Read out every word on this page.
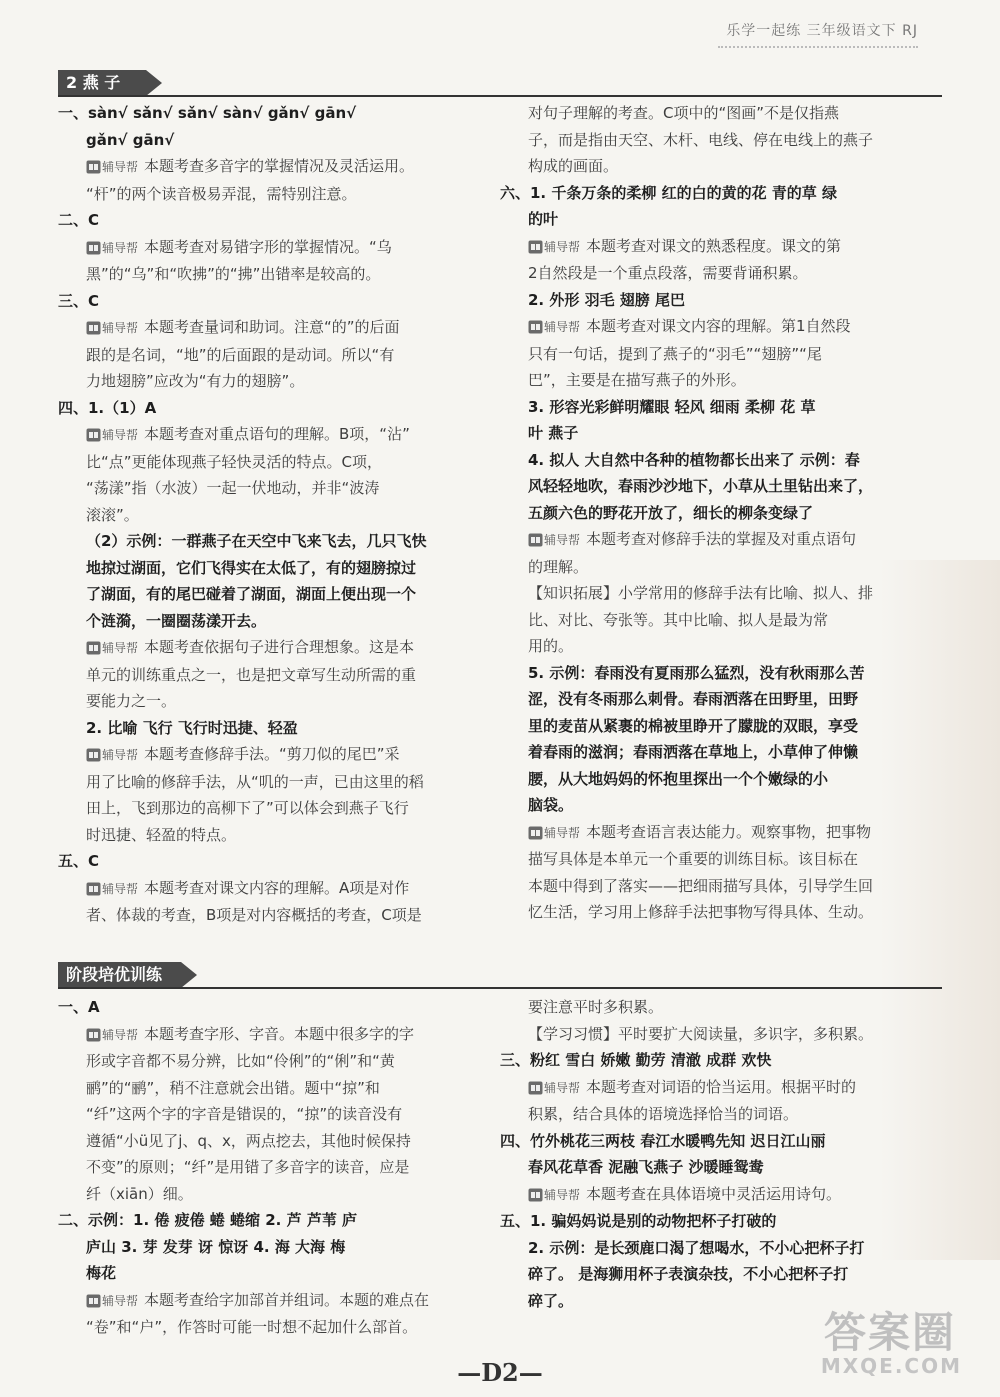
乐学一起练 三年级语文下 RJ
2 燕 子

一、sàn√ sǎn√ sǎn√ sàn√ gǎn√ gān√

gǎn√ gān√

辅导帮 本题考查多音字的掌握情况及灵活运用。

“杆”的两个读音极易弄混，需特别注意。

二、C

辅导帮 本题考查对易错字形的掌握情况。“乌

黑”的“乌”和“吹拂”的“拂”出错率是较高的。

三、C

辅导帮 本题考查量词和助词。注意“的”的后面

跟的是名词，“地”的后面跟的是动词。所以“有

力地翅膀”应改为“有力的翅膀”。

四、1.（1）A

辅导帮 本题考查对重点语句的理解。B项，“沾”

比“点”更能体现燕子轻快灵活的特点。C项，

“荡漾”指（水波）一起一伏地动，并非“波涛

滚滚”。

（2）示例：一群燕子在天空中飞来飞去，几只飞快

地掠过湖面，它们飞得实在太低了，有的翅膀掠过

了湖面，有的尾巴碰着了湖面，湖面上便出现一个

个涟漪，一圈圈荡漾开去。

辅导帮 本题考查依据句子进行合理想象。这是本

单元的训练重点之一，也是把文章写生动所需的重

要能力之一。

2. 比喻 飞行 飞行时迅捷、轻盈

辅导帮 本题考查修辞手法。“剪刀似的尾巴”采

用了比喻的修辞手法，从“叽的一声，已由这里的稻

田上，飞到那边的高柳下了”可以体会到燕子飞行

时迅捷、轻盈的特点。

五、C

辅导帮 本题考查对课文内容的理解。A项是对作

者、体裁的考查，B项是对内容概括的考查，C项是

对句子理解的考查。C项中的“图画”不是仅指燕

子，而是指由天空、木杆、电线、停在电线上的燕子

构成的画面。

六、1. 千条万条的柔柳 红的白的黄的花 青的草 绿

的叶

辅导帮 本题考查对课文的熟悉程度。课文的第

2自然段是一个重点段落，需要背诵积累。

2. 外形 羽毛 翅膀 尾巴

辅导帮 本题考查对课文内容的理解。第1自然段

只有一句话，提到了燕子的“羽毛”“翅膀”“尾

巴”，主要是在描写燕子的外形。

3. 形容光彩鲜明耀眼 轻风 细雨 柔柳 花 草

叶 燕子

4. 拟人 大自然中各种的植物都长出来了 示例：春

风轻轻地吹，春雨沙沙地下，小草从土里钻出来了，

五颜六色的野花开放了，细长的柳条变绿了

辅导帮 本题考查对修辞手法的掌握及对重点语句

的理解。

【知识拓展】小学常用的修辞手法有比喻、拟人、排

比、对比、夸张等。其中比喻、拟人是最为常

用的。

5. 示例：春雨没有夏雨那么猛烈，没有秋雨那么苦

涩，没有冬雨那么刺骨。春雨洒落在田野里，田野

里的麦苗从紧裹的棉被里睁开了朦胧的双眼，享受

着春雨的滋润；春雨洒落在草地上，小草伸了伸懒

腰，从大地妈妈的怀抱里探出一个个嫩绿的小

脑袋。

辅导帮 本题考查语言表达能力。观察事物，把事物

描写具体是本单元一个重要的训练目标。该目标在

本题中得到了落实——把细雨描写具体，引导学生回

忆生活，学习用上修辞手法把事物写得具体、生动。

阶段培优训练

一、A

辅导帮 本题考查字形、字音。本题中很多字的字

形或字音都不易分辨，比如“伶俐”的“俐”和“黄

鹂”的“鹂”，稍不注意就会出错。题中“掠”和

“纤”这两个字的字音是错误的，“掠”的读音没有

遵循“小ü见了j、q、x，两点挖去，其他时候保持

不变”的原则；“纤”是用错了多音字的读音，应是

纤（xiān）细。

二、示例：1. 倦 疲倦 蜷 蜷缩 2. 芦 芦苇 庐

庐山 3. 芽 发芽 讶 惊讶 4. 海 大海 梅

梅花

辅导帮 本题考查给字加部首并组词。本题的难点在

“卷”和“户”，作答时可能一时想不起加什么部首。

要注意平时多积累。

【学习习惯】平时要扩大阅读量，多识字，多积累。

三、粉红 雪白 娇嫩 勤劳 清澈 成群 欢快

辅导帮 本题考查对词语的恰当运用。根据平时的

积累，结合具体的语境选择恰当的词语。

四、竹外桃花三两枝 春江水暖鸭先知 迟日江山丽

春风花草香 泥融飞燕子 沙暖睡鸳鸯

辅导帮 本题考查在具体语境中灵活运用诗句。

五、1. 骗妈妈说是别的动物把杯子打破的

2. 示例：是长颈鹿口渴了想喝水，不小心把杯子打

碎了。 是海狮用杯子表演杂技，不小心把杯子打

碎了。

—D2—
答案圈
MXQE.COM
